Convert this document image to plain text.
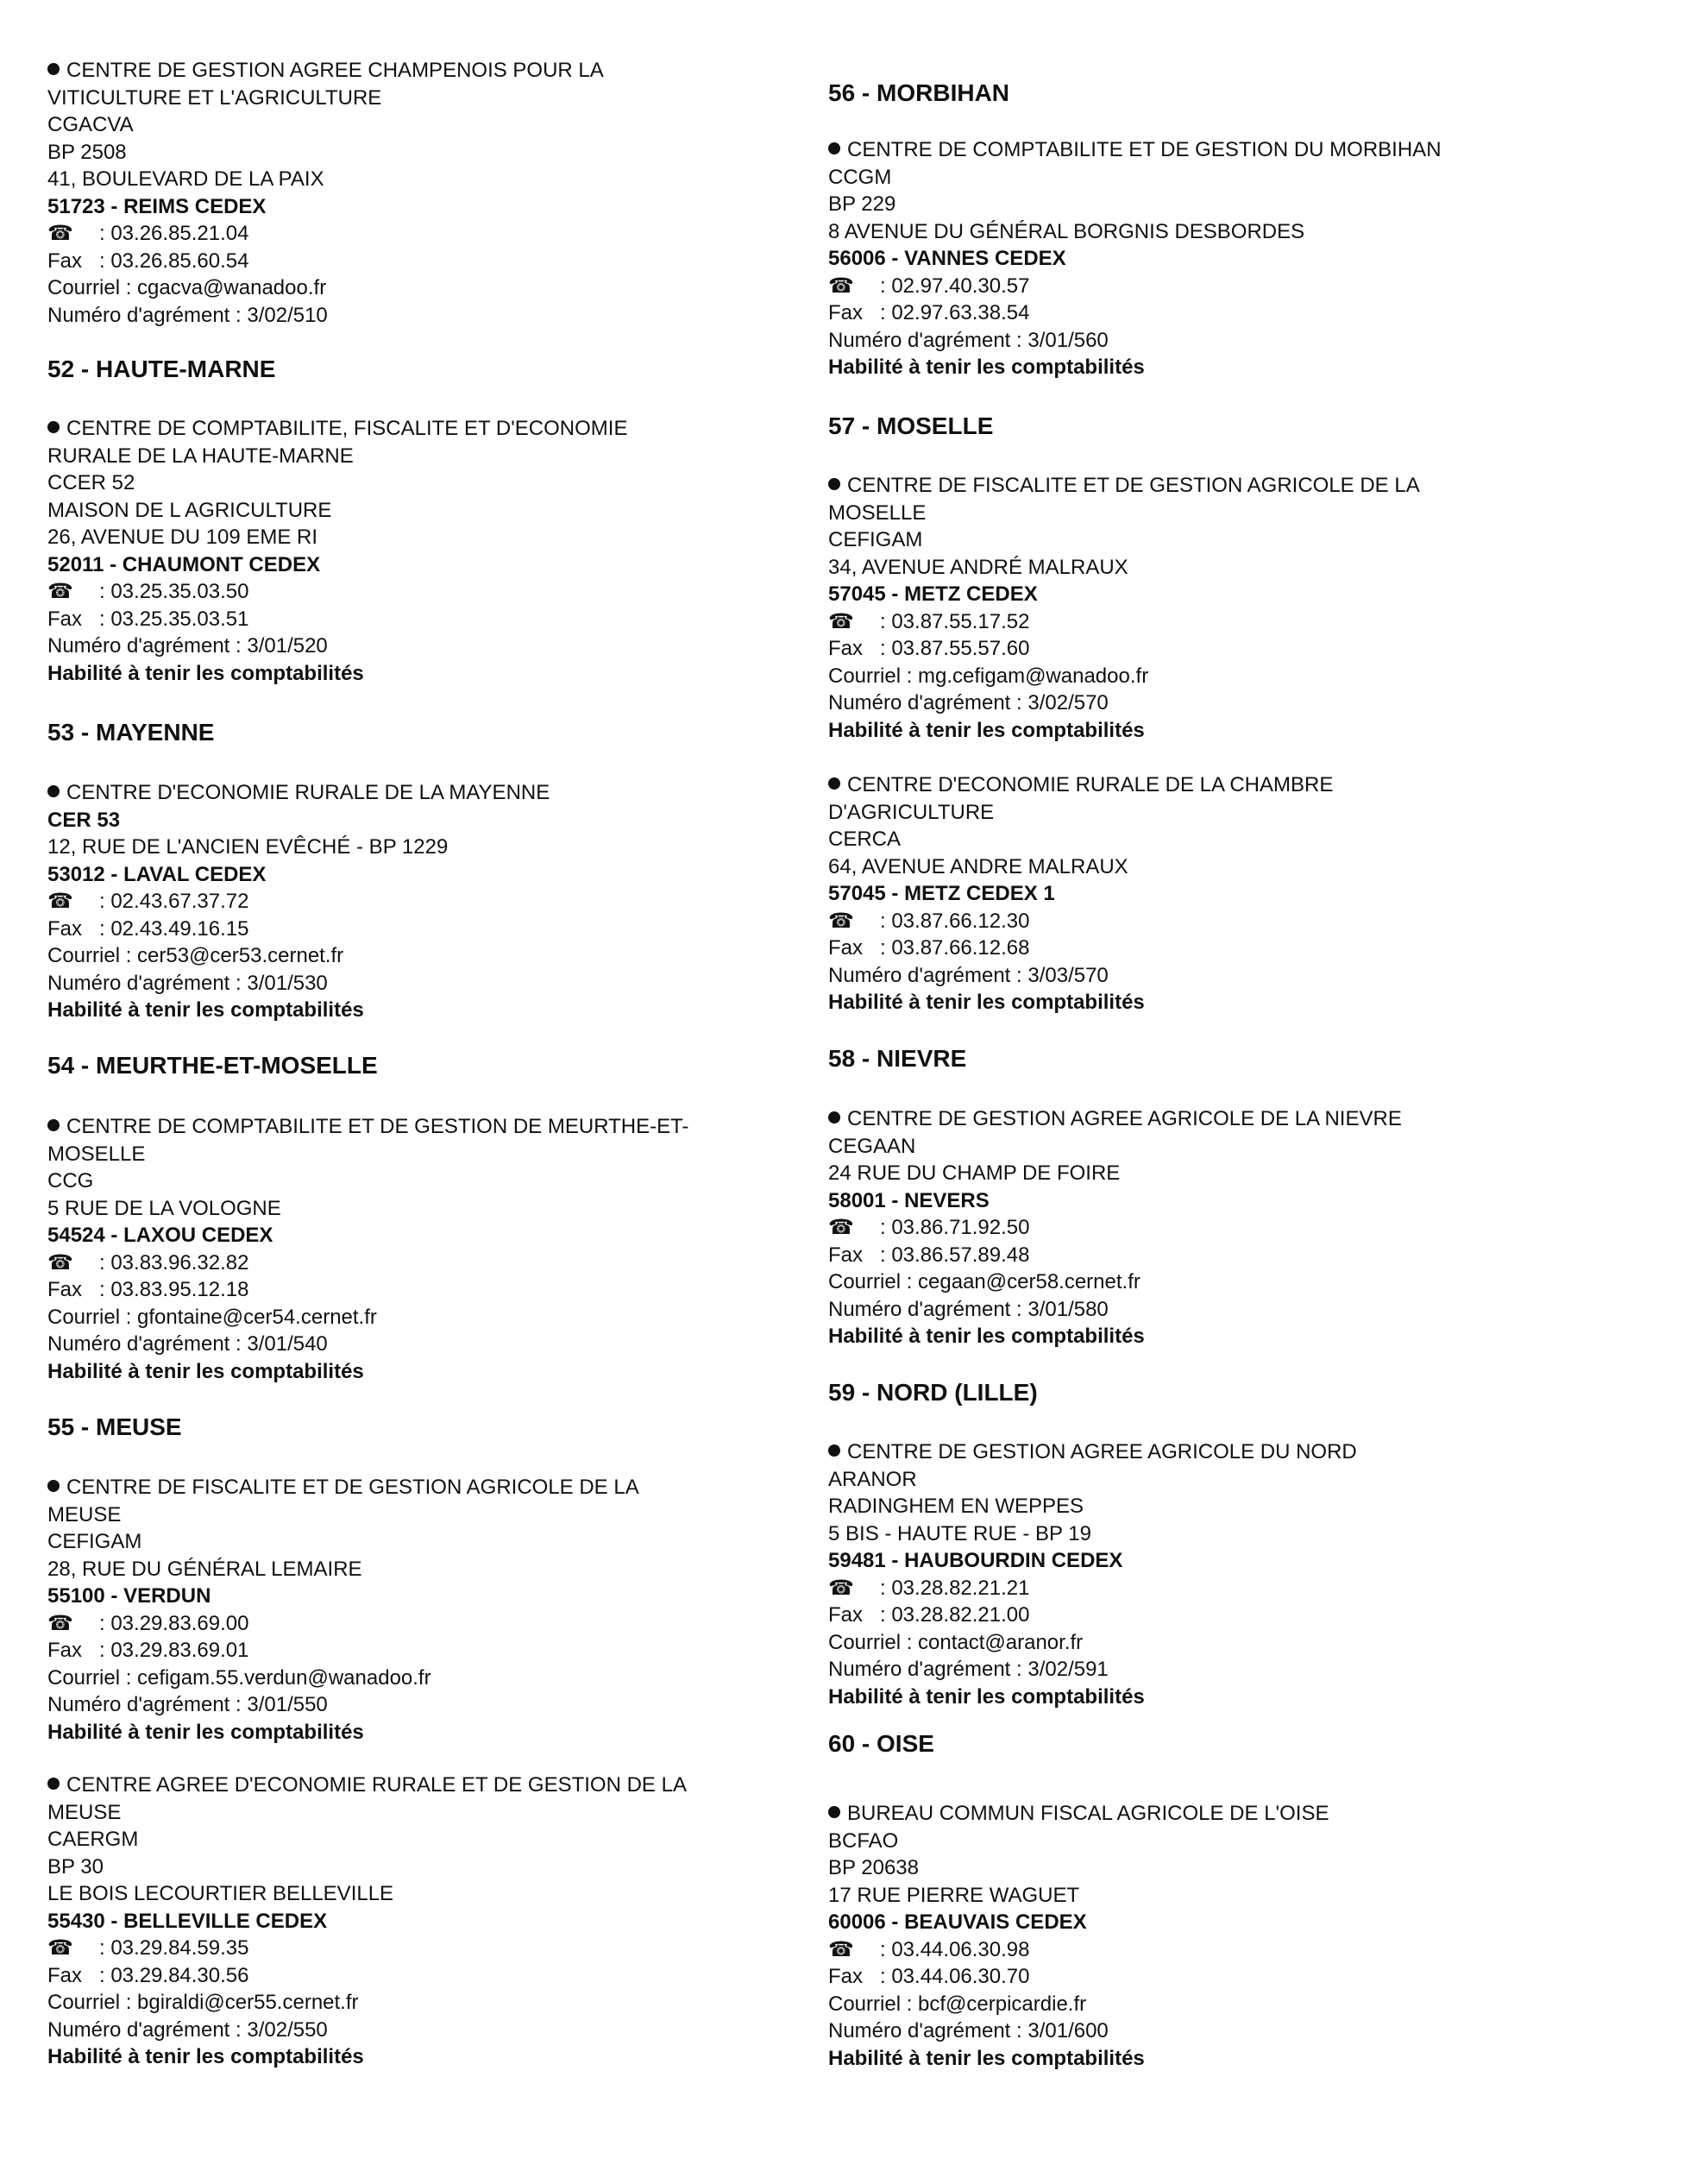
CENTRE DE GESTION AGREE CHAMPENOIS POUR LA
VITICULTURE ET L'AGRICULTURE
CGACVA
BP 2508
41, BOULEVARD DE LA PAIX
51723 - REIMS CEDEX
☎ : 03.26.85.21.04
Fax : 03.26.85.60.54
Courriel : cgacva@wanadoo.fr
Numéro d'agrément : 3/02/510
52 - HAUTE-MARNE
CENTRE DE COMPTABILITE, FISCALITE ET D'ECONOMIE
RURALE DE LA HAUTE-MARNE
CCER 52
MAISON DE L AGRICULTURE
26, AVENUE DU 109 EME RI
52011 - CHAUMONT CEDEX
☎ : 03.25.35.03.50
Fax : 03.25.35.03.51
Numéro d'agrément : 3/01/520
Habilité à tenir les comptabilités
53 - MAYENNE
CENTRE D'ECONOMIE RURALE DE LA MAYENNE
CER 53
12, RUE DE L'ANCIEN EVÊCHÉ - BP 1229
53012 - LAVAL CEDEX
☎ : 02.43.67.37.72
Fax : 02.43.49.16.15
Courriel : cer53@cer53.cernet.fr
Numéro d'agrément : 3/01/530
Habilité à tenir les comptabilités
54 - MEURTHE-ET-MOSELLE
CENTRE DE COMPTABILITE ET DE GESTION DE MEURTHE-ET-
MOSELLE
CCG
5 RUE DE LA VOLOGNE
54524 - LAXOU CEDEX
☎ : 03.83.96.32.82
Fax : 03.83.95.12.18
Courriel : gfontaine@cer54.cernet.fr
Numéro d'agrément : 3/01/540
Habilité à tenir les comptabilités
55 - MEUSE
CENTRE DE FISCALITE ET DE GESTION AGRICOLE DE LA
MEUSE
CEFIGAM
28, RUE DU GÉNÉRAL LEMAIRE
55100 - VERDUN
☎ : 03.29.83.69.00
Fax : 03.29.83.69.01
Courriel : cefigam.55.verdun@wanadoo.fr
Numéro d'agrément : 3/01/550
Habilité à tenir les comptabilités
CENTRE AGREE D'ECONOMIE RURALE ET DE GESTION DE LA
MEUSE
CAERGM
BP 30
LE BOIS LECOURTIER BELLEVILLE
55430 - BELLEVILLE CEDEX
☎ : 03.29.84.59.35
Fax : 03.29.84.30.56
Courriel : bgiraldi@cer55.cernet.fr
Numéro d'agrément : 3/02/550
Habilité à tenir les comptabilités
56 - MORBIHAN
CENTRE DE COMPTABILITE ET DE GESTION DU MORBIHAN
CCGM
BP 229
8 AVENUE DU GÉNÉRAL BORGNIS DESBORDES
56006 - VANNES CEDEX
☎ : 02.97.40.30.57
Fax : 02.97.63.38.54
Numéro d'agrément : 3/01/560
Habilité à tenir les comptabilités
57 - MOSELLE
CENTRE DE FISCALITE ET DE GESTION AGRICOLE DE LA
MOSELLE
CEFIGAM
34, AVENUE ANDRÉ MALRAUX
57045 - METZ CEDEX
☎ : 03.87.55.17.52
Fax : 03.87.55.57.60
Courriel : mg.cefigam@wanadoo.fr
Numéro d'agrément : 3/02/570
Habilité à tenir les comptabilités
CENTRE D'ECONOMIE RURALE DE LA CHAMBRE
D'AGRICULTURE
CERCA
64, AVENUE ANDRE MALRAUX
57045 - METZ CEDEX 1
☎ : 03.87.66.12.30
Fax : 03.87.66.12.68
Numéro d'agrément : 3/03/570
Habilité à tenir les comptabilités
58 - NIEVRE
CENTRE DE GESTION AGREE AGRICOLE DE LA NIEVRE
CEGAAN
24 RUE DU CHAMP DE FOIRE
58001 - NEVERS
☎ : 03.86.71.92.50
Fax : 03.86.57.89.48
Courriel : cegaan@cer58.cernet.fr
Numéro d'agrément : 3/01/580
Habilité à tenir les comptabilités
59 - NORD (LILLE)
CENTRE DE GESTION AGREE AGRICOLE DU NORD
ARANOR
RADINGHEM EN WEPPES
5 BIS - HAUTE RUE - BP 19
59481 - HAUBOURDIN CEDEX
☎ : 03.28.82.21.21
Fax : 03.28.82.21.00
Courriel : contact@aranor.fr
Numéro d'agrément : 3/02/591
Habilité à tenir les comptabilités
60 - OISE
BUREAU COMMUN FISCAL AGRICOLE DE L'OISE
BCFAO
BP 20638
17 RUE PIERRE WAGUET
60006 - BEAUVAIS CEDEX
☎ : 03.44.06.30.98
Fax : 03.44.06.30.70
Courriel : bcf@cerpicardie.fr
Numéro d'agrément : 3/01/600
Habilité à tenir les comptabilités
